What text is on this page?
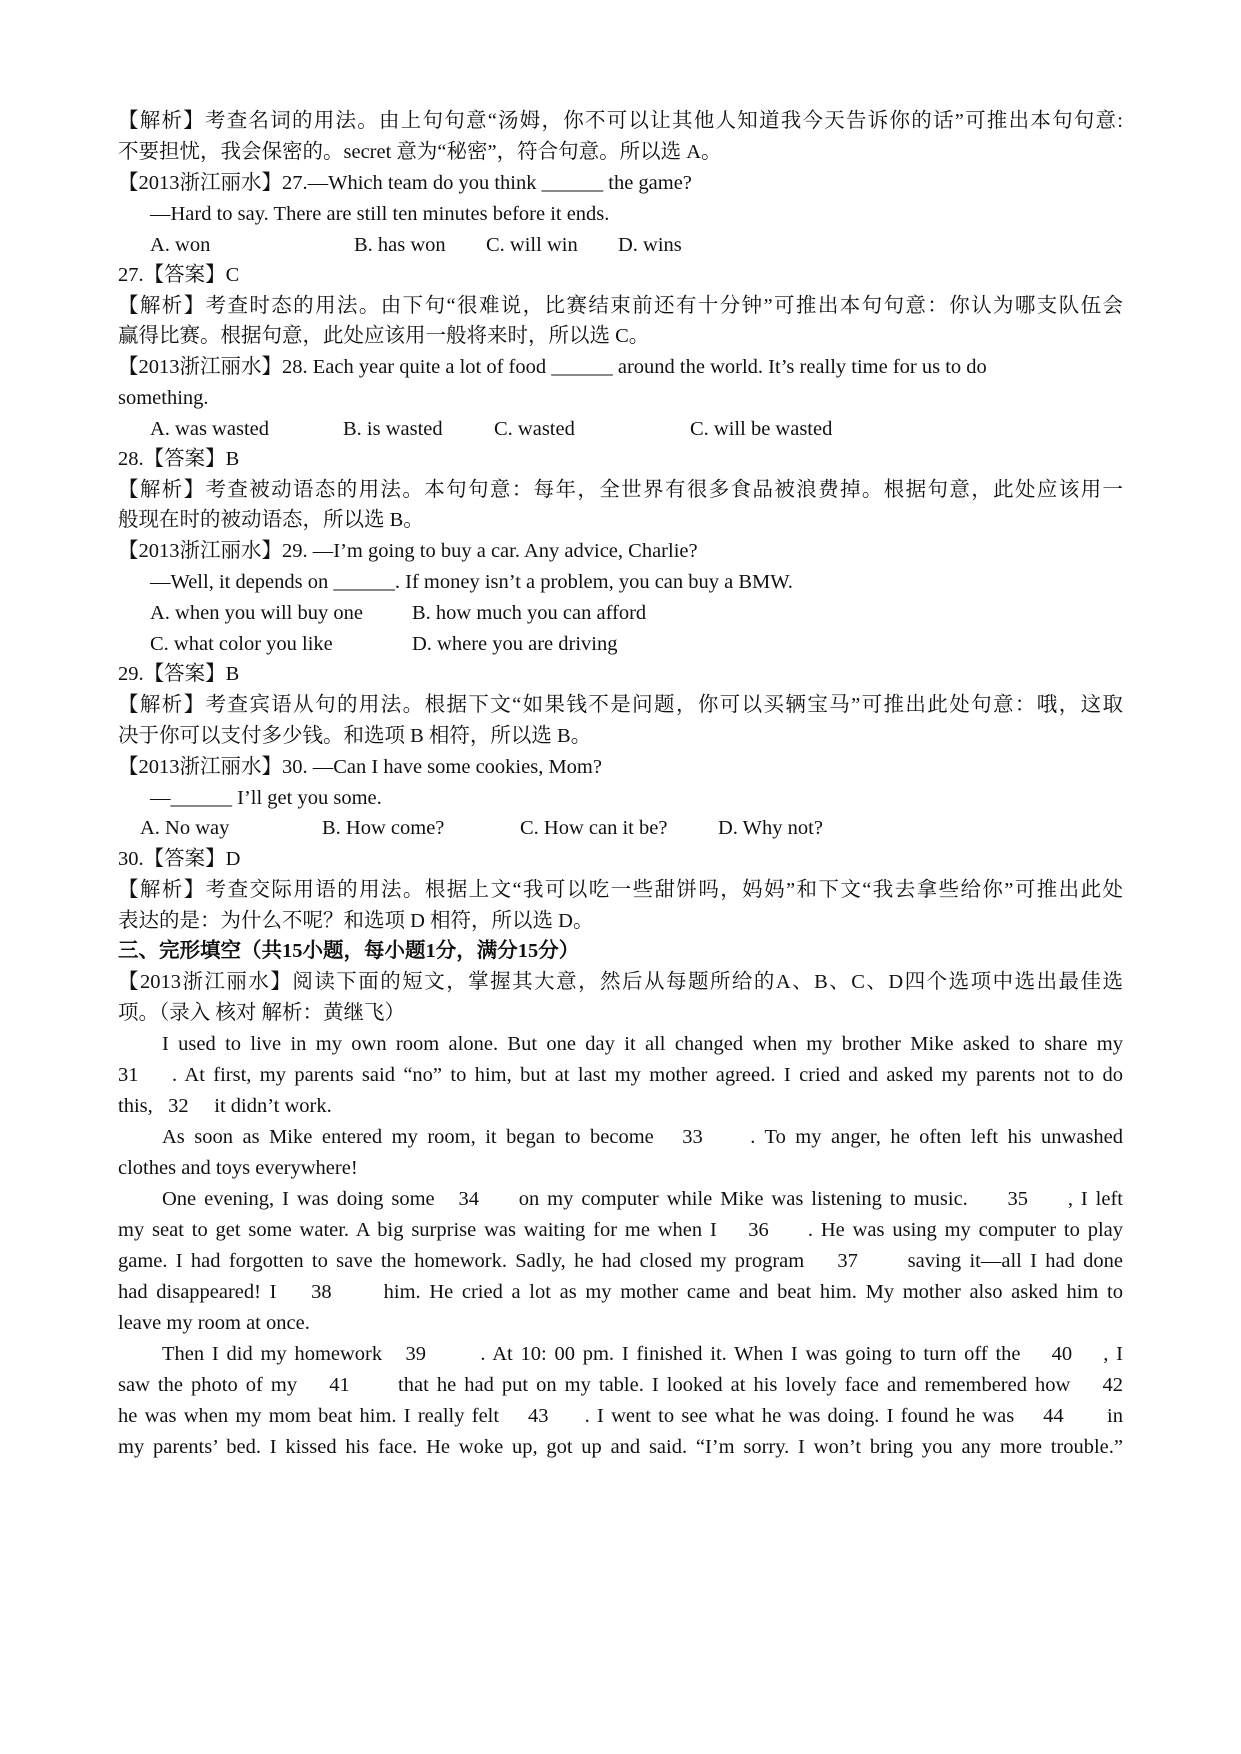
【解析】考查名词的用法。由上句句意“汤姆，你不可以让其他人知道我今天告诉你的话”可推出本句句意:
不要担忧，我会保密的。secret 意为“秘密”，符合句意。所以选 A。
【2013浙江丽水】27.—Which team do you think ______ the game?
—Hard to say. There are still ten minutes before it ends.
A. won	B. has won C. will win D. wins
27.【答案】C
【解析】考查时态的用法。由下句“很难说，比赛结束前还有十分钟”可推出本句句意：你认为哪支队伍会
赢得比赛。根据句意，此处应该用一般将来时，所以选 C。
【2013浙江丽水】28. Each year quite a lot of food ______ around the world. It’s really time for us to do
something.
A. was wasted	B. is wasted	C. wasted	C. will be wasted
28.【答案】B
【解析】考查被动语态的用法。本句句意：每年，全世界有很多食品被浪费掉。根据句意，此处应该用一
般现在时的被动语态，所以选 B。
【2013浙江丽水】29. —I’m going to buy a car. Any advice, Charlie?
—Well, it depends on ______. If money isn’t a problem, you can buy a BMW.
A. when you will buy one B. how much you can afford
C. what color you like	D. where you are driving
29.【答案】B
【解析】考查宾语从句的用法。根据下文“如果钱不是问题，你可以买辆宝马”可推出此处句意：哦，这取
决于你可以支付多少钱。和选项 B 相符，所以选 B。
【2013浙江丽水】30. —Can I have some cookies, Mom?
—______ I’ll get you some.
A. No way	B. How come?	C. How can it be? D. Why not?
30.【答案】D
【解析】考查交际用语的用法。根据上文“我可以吃一些甜饼吗，妈妈”和下文“我去拿些给你”可推出此处
表达的是：为什么不呢？和选项 D 相符，所以选 D。
三、完形填空（共15小题，每小题1分，满分15分）
【2013浙江丽水】阅读下面的短文，掌握其大意，然后从每题所给的A、B、C、D四个选项中选出最佳选
项。（录入 核对 解析：黄继飞）
I used to live in my own room alone. But one day it all changed when my brother Mike asked to share my
31    . At first, my parents said “no” to him, but at last my mother agreed. I cried and asked my parents not to do
this,   32     it didn’t work.
As soon as Mike entered my room, it began to become   33     . To my anger, he often left his unwashed
clothes and toys everywhere!
One evening, I was doing some   34     on my computer while Mike was listening to music.     35     , I left
my seat to get some water. A big surprise was waiting for me when I    36     . He was using my computer to play
game. I had forgotten to save the homework. Sadly, he had closed my program    37      saving it—all I had done
had disappeared! I    38      him. He cried a lot as my mother came and beat him. My mother also asked him to
leave my room at once.
Then I did my homework   39       . At 10: 00 pm. I finished it. When I was going to turn off the    40    , I
saw the photo of my    41      that he had put on my table. I looked at his lovely face and remembered how    42
he was when my mom beat him. I really felt    43     . I went to see what he was doing. I found he was    44      in
my parents’ bed. I kissed his face. He woke up, got up and said. “I’m sorry. I won’t bring you any more trouble.”
